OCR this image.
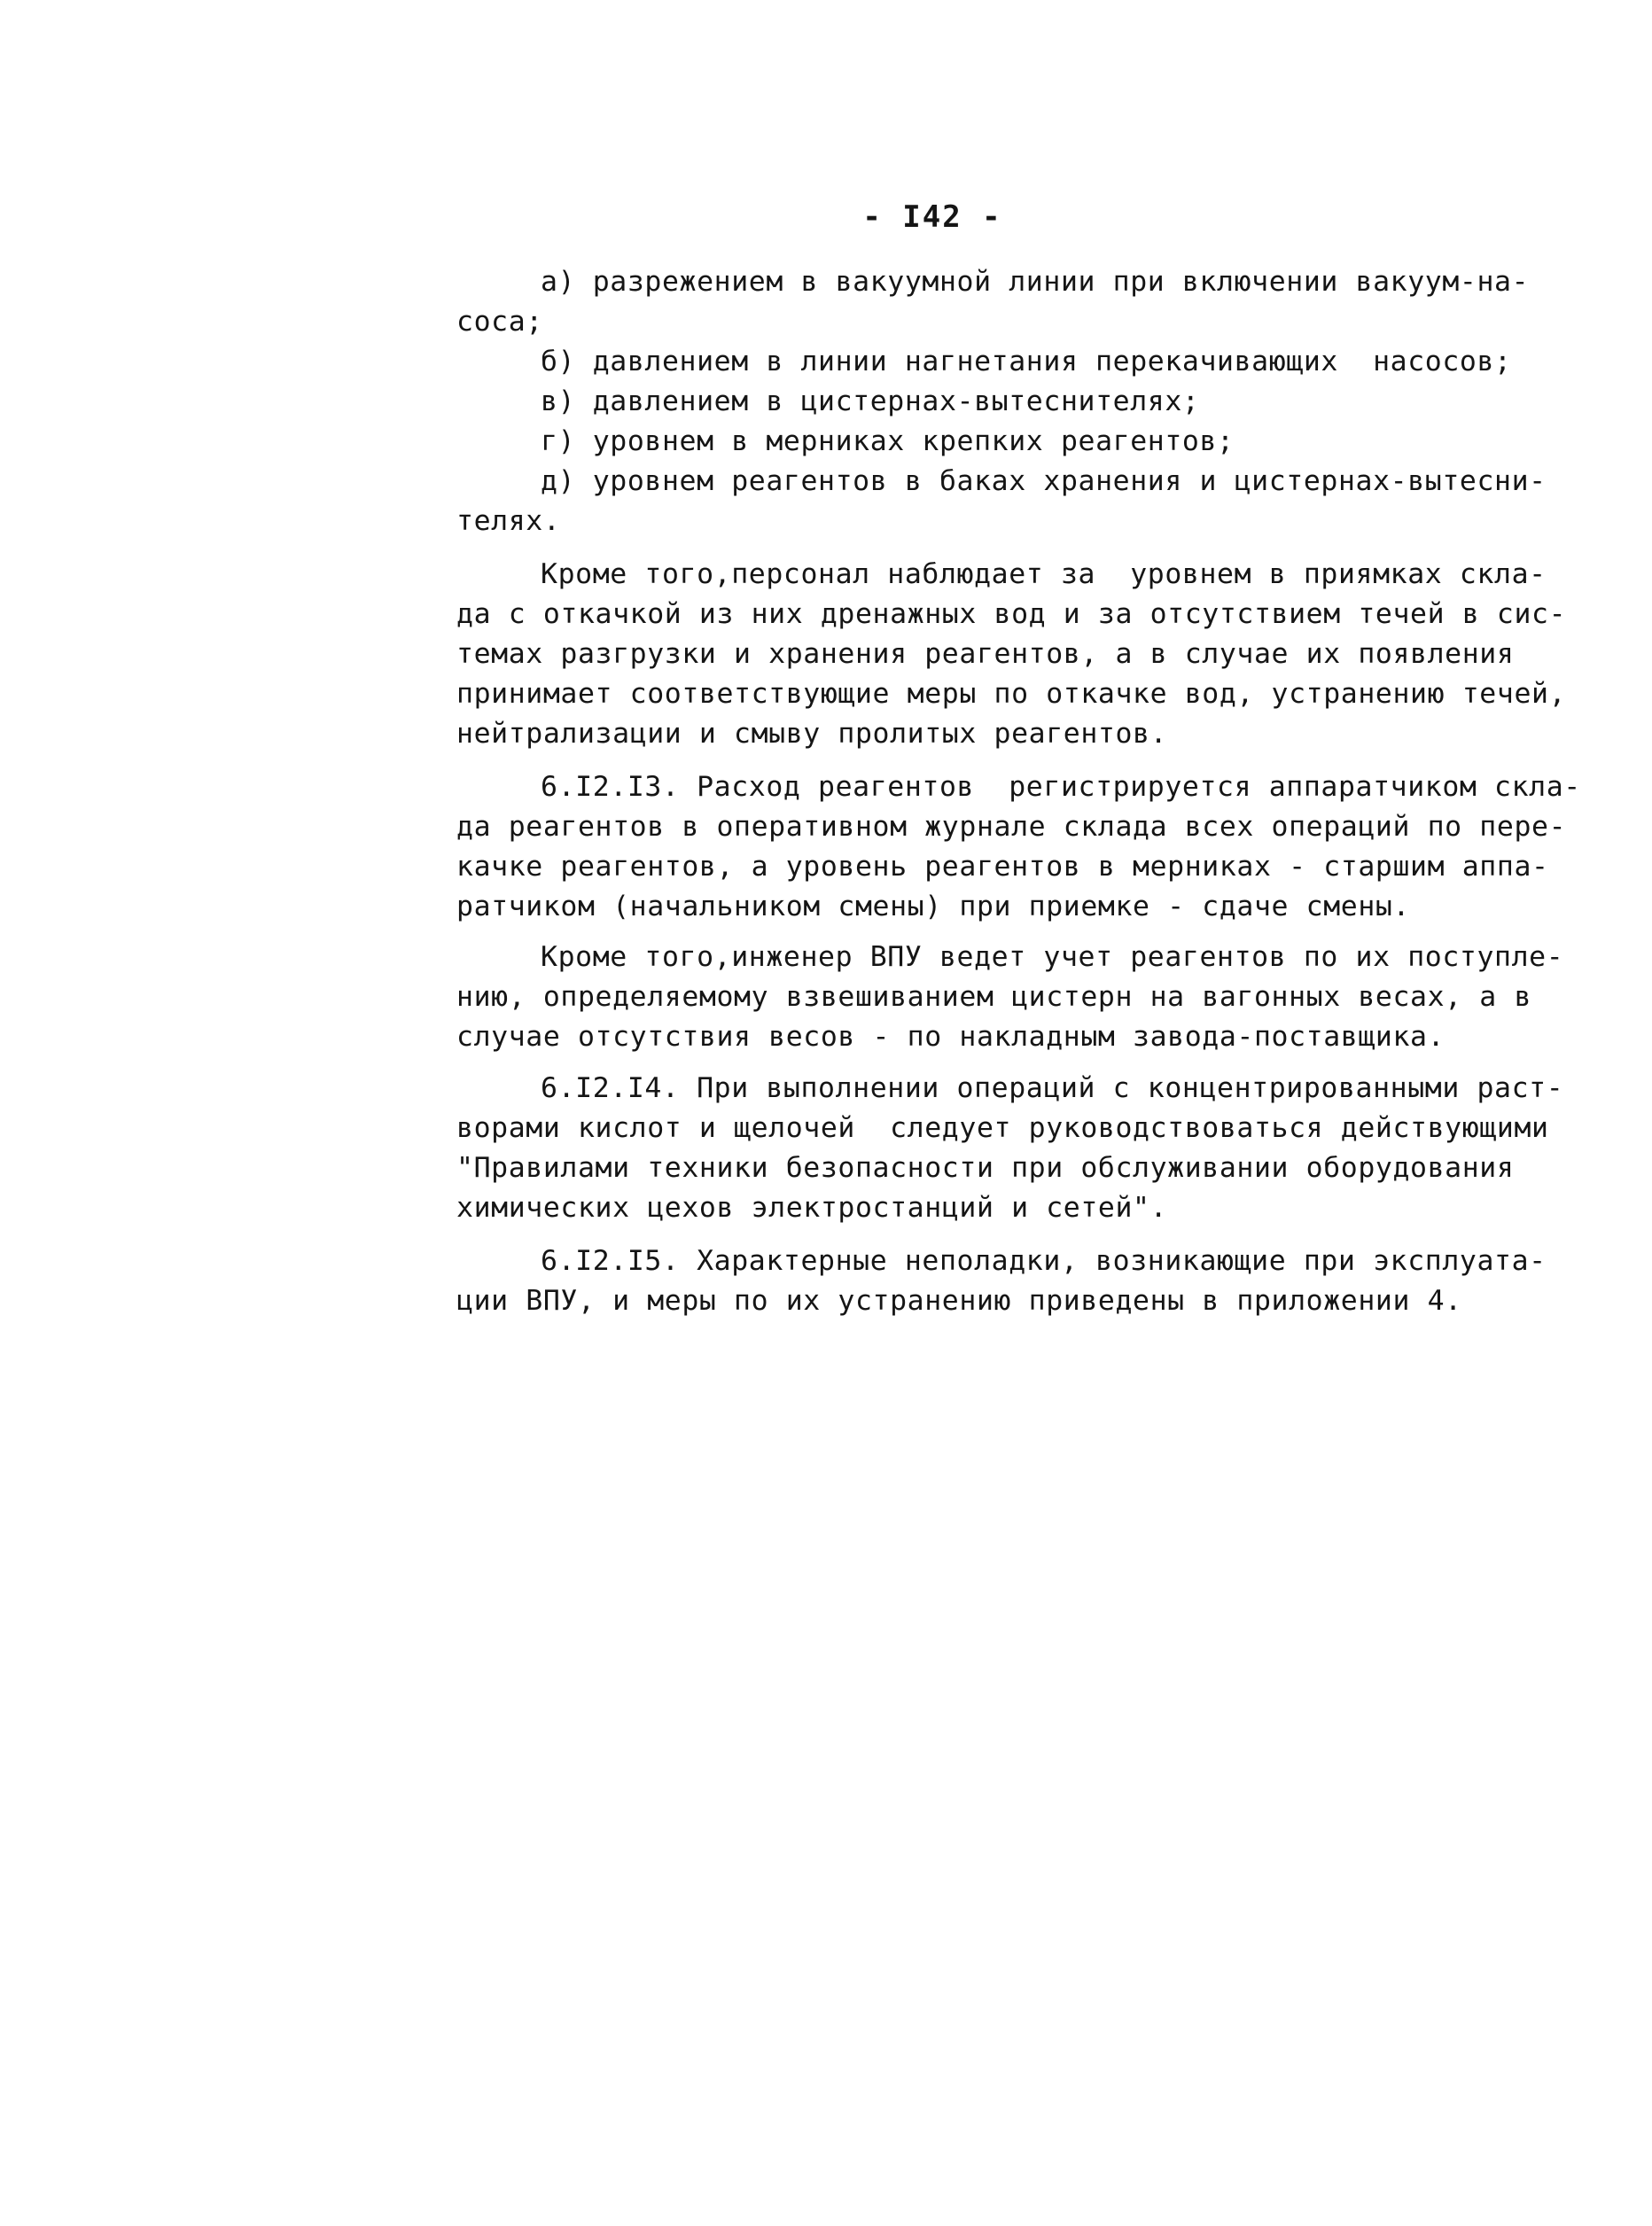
- I42 -
а) разрежением в вакуумной линии при включении вакуум-на-
соса;
б) давлением в линии нагнетания перекачивающих  насосов;
в) давлением в цистернах-вытеснителях;
г) уровнем в мерниках крепких реагентов;
д) уровнем реагентов в баках хранения и цистернах-вытесни-
телях.
Кроме того,персонал наблюдает за  уровнем в приямках скла-
да с откачкой из них дренажных вод и за отсутствием течей в сис-
темах разгрузки и хранения реагентов, а в случае их появления
принимает соответствующие меры по откачке вод, устранению течей,
нейтрализации и смыву пролитых реагентов.
6.I2.I3. Расход реагентов  регистрируется аппаратчиком скла-
да реагентов в оперативном журнале склада всех операций по пере-
качке реагентов, а уровень реагентов в мерниках - старшим аппа-
ратчиком (начальником смены) при приемке - сдаче смены.
Кроме того,инженер ВПУ ведет учет реагентов по их поступле-
нию, определяемому взвешиванием цистерн на вагонных весах, а в
случае отсутствия весов - по накладным завода-поставщика.
6.I2.I4. При выполнении операций с концентрированными раст-
ворами кислот и щелочей  следует руководствоваться действующими
"Правилами техники безопасности при обслуживании оборудования
химических цехов электростанций и сетей".
6.I2.I5. Характерные неполадки, возникающие при эксплуата-
ции ВПУ, и меры по их устранению приведены в приложении 4.
